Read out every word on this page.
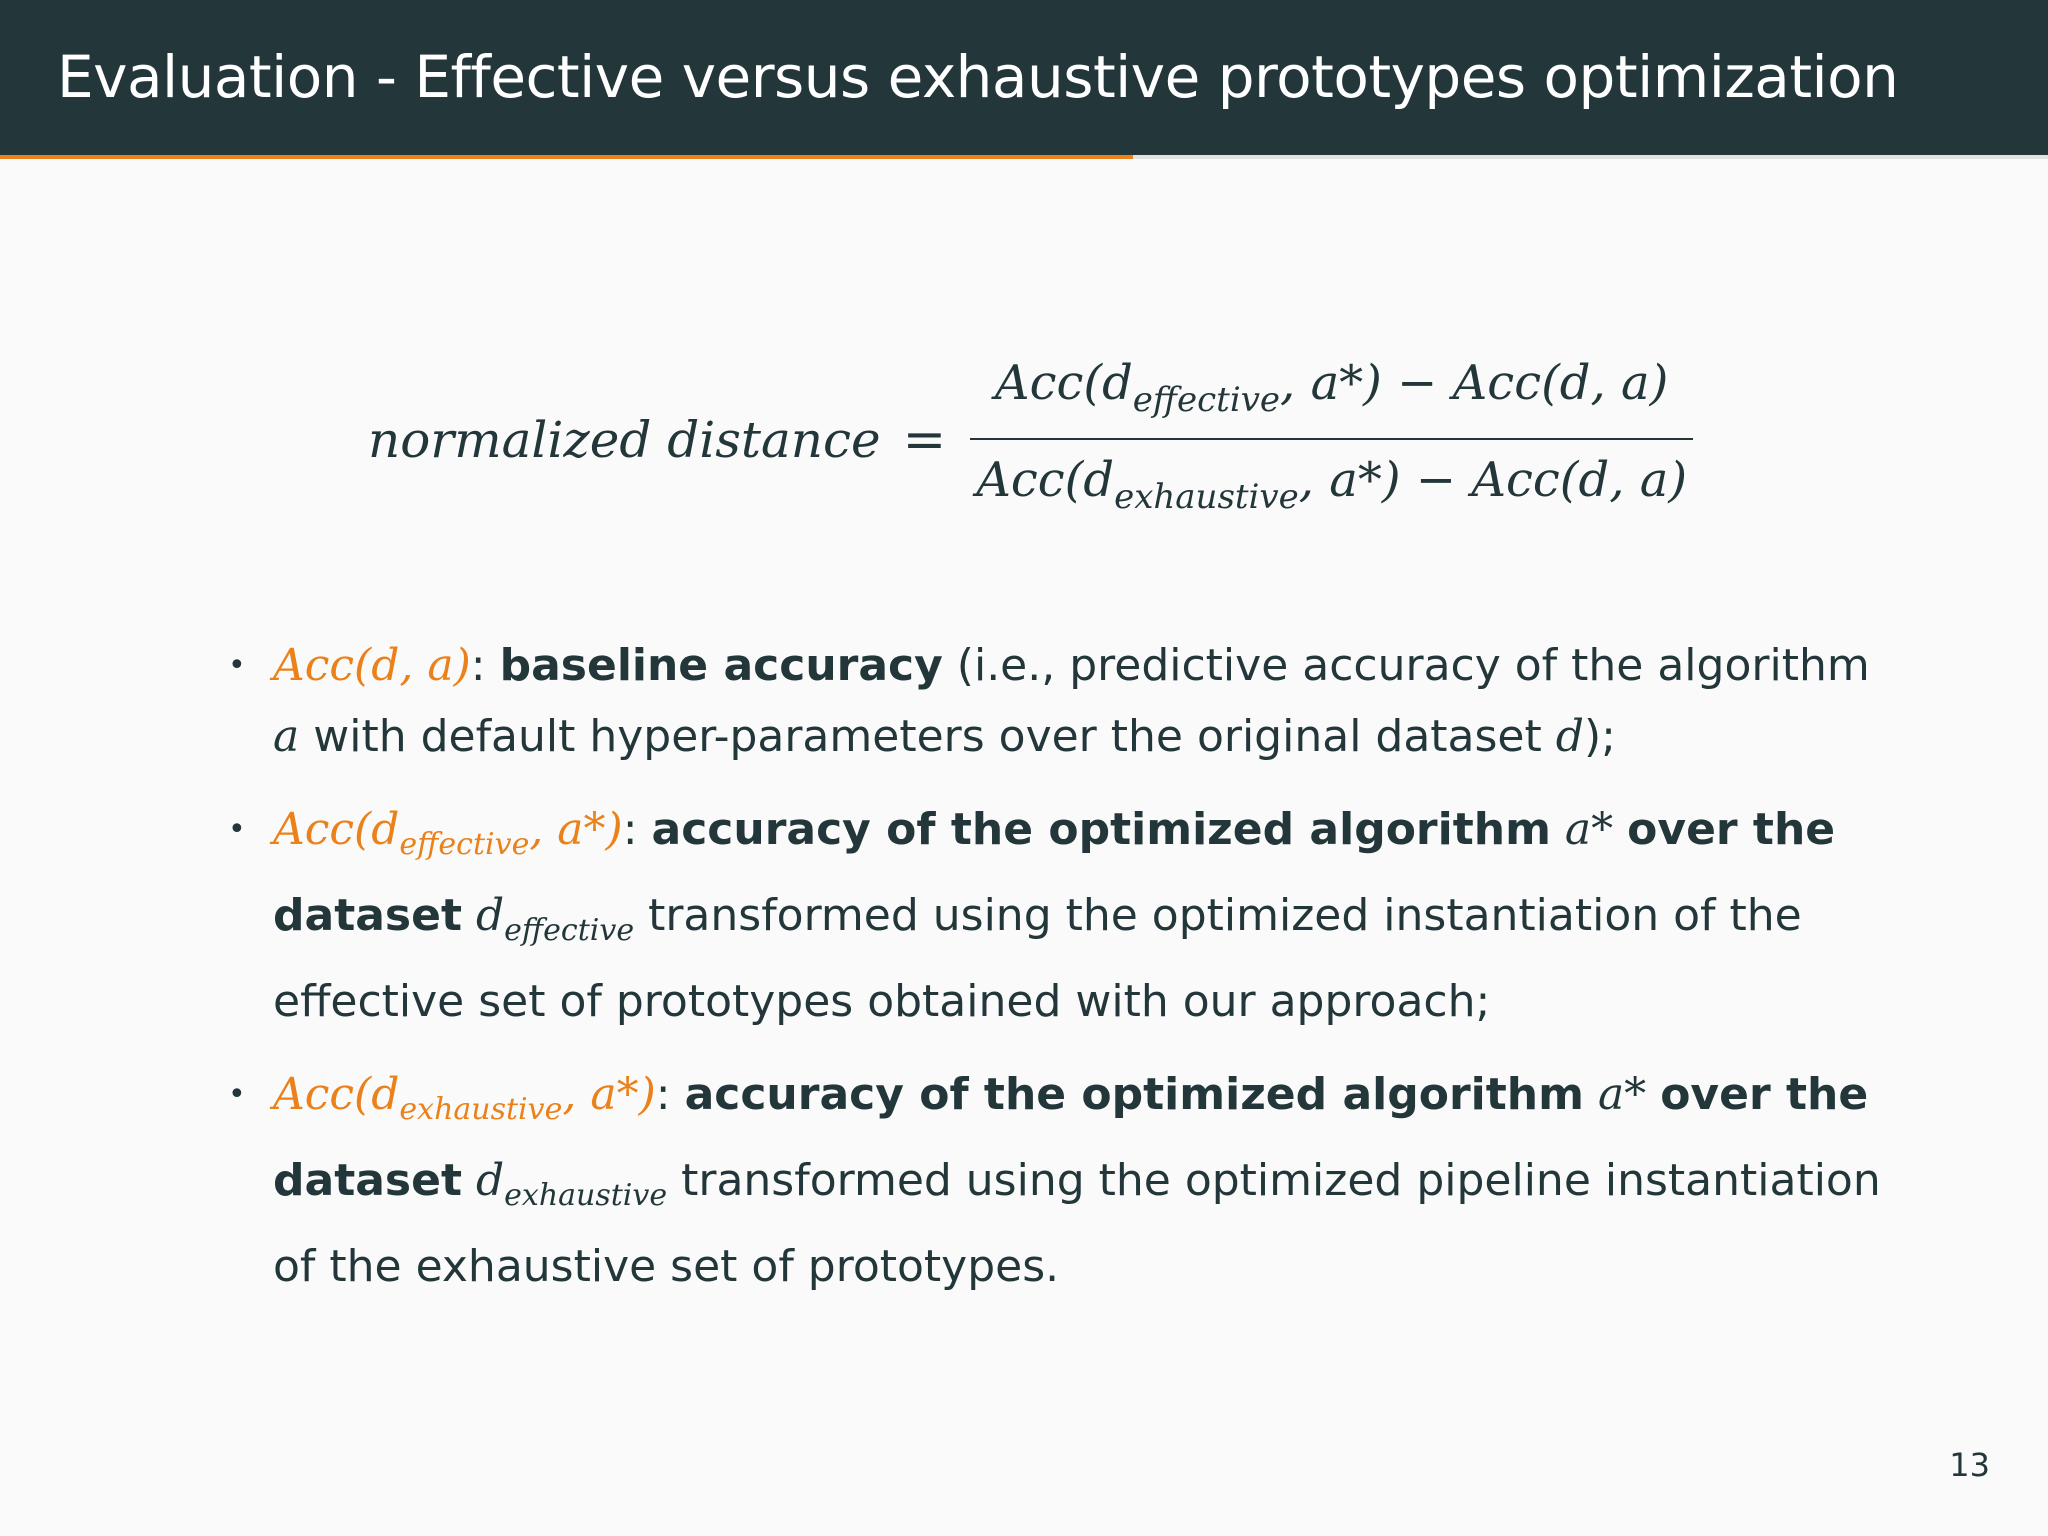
Evaluation - Effective versus exhaustive prototypes optimization
normalized distance = $\frac{Acc(d_{effective}, a*) - Acc(d, a)}{Acc(d_{exhaustive}, a*) - Acc(d, a)}$
• Acc(d, a): baseline accuracy (i.e., predictive accuracy of the algorithm a with default hyper-parameters over the original dataset d);
• $Acc(d_{effective}$, a*): accuracy of the optimized algorithm a* over the dataset $d_{effective}$ transformed using the optimized instantiation of the effective set of prototypes obtained with our approach;
• $Acc(d_{exhaustive}$, a*): accuracy of the optimized algorithm a* over the dataset $d_{exhaustive}$ transformed using the optimized pipeline instantiation of the exhaustive set of prototypes.
13
